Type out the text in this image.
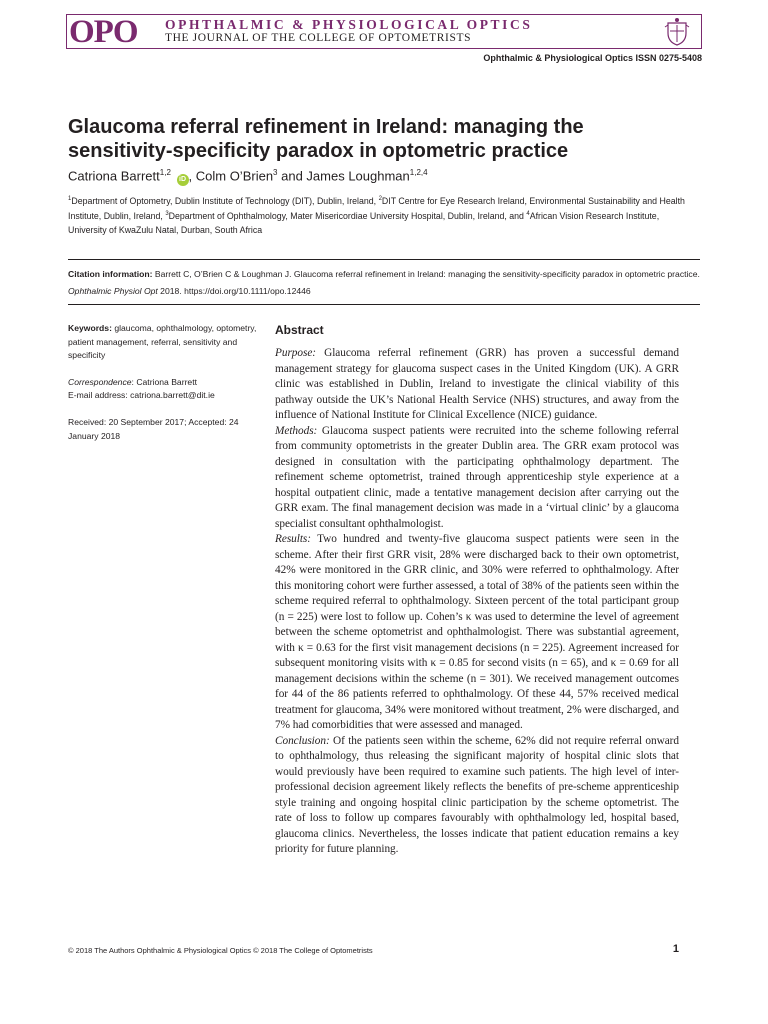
OPO OPHTHALMIC & PHYSIOLOGICAL OPTICS
THE JOURNAL OF THE COLLEGE OF OPTOMETRISTS
Ophthalmic & Physiological Optics ISSN 0275-5408
Glaucoma referral refinement in Ireland: managing the sensitivity-specificity paradox in optometric practice
Catriona Barrett$^{1,2}$ iD , Colm O’Brien$^3$ and James Loughman$^{1,2,4}$
$^1$Department of Optometry, Dublin Institute of Technology (DIT), Dublin, Ireland, $^2$DIT Centre for Eye Research Ireland, Environmental Sustainability and Health Institute, Dublin, Ireland, $^3$Department of Ophthalmology, Mater Misericordiae University Hospital, Dublin, Ireland, and $^4$African Vision Research Institute, University of KwaZulu Natal, Durban, South Africa
Citation information: Barrett C, O’Brien C & Loughman J. Glaucoma referral refinement in Ireland: managing the sensitivity-specificity paradox in optometric practice. Ophthalmic Physiol Opt 2018. https://doi.org/10.1111/opo.12446

Keywords: glaucoma, ophthalmology, optometry, patient management, referral, sensitivity and specificity

Correspondence: Catriona Barrett

E-mail address: catriona.barrett@dit.ie

Received: 20 September 2017; Accepted: 24 January 2018

Abstract

Purpose: Glaucoma referral refinement (GRR) has proven a successful demand management strategy for glaucoma suspect cases in the United Kingdom (UK). A GRR clinic was established in Dublin, Ireland to investigate the clinical viability of this pathway outside the UK’s National Health Service (NHS) structures, and away from the influence of National Institute for Clinical Excellence (NICE) guidance.

Methods: Glaucoma suspect patients were recruited into the scheme following referral from community optometrists in the greater Dublin area. The GRR exam protocol was designed in consultation with the participating ophthalmology department. The refinement scheme optometrist, trained through apprenticeship style experience at a hospital outpatient clinic, made a tentative management decision after carrying out the GRR exam. The final management decision was made in a ‘virtual clinic’ by a glaucoma specialist consultant ophthalmologist.

Results: Two hundred and twenty-five glaucoma suspect patients were seen in the scheme. After their first GRR visit, 28% were discharged back to their own optometrist, 42% were monitored in the GRR clinic, and 30% were referred to ophthalmology. After this monitoring cohort were further assessed, a total of 38% of the patients seen within the scheme required referral to ophthalmology. Sixteen percent of the total participant group (n = 225) were lost to follow up. Cohen’s κ was used to determine the level of agreement between the scheme optometrist and ophthalmologist. There was substantial agreement, with κ = 0.63 for the first visit management decisions (n = 225). Agreement increased for subsequent monitoring visits with κ = 0.85 for second visits (n = 65), and κ = 0.69 for all management decisions within the scheme (n = 301). We received management outcomes for 44 of the 86 patients referred to ophthalmology. Of these 44, 57% received medical treatment for glaucoma, 34% were monitored without treatment, 2% were discharged, and 7% had comorbidities that were assessed and managed.

Conclusion: Of the patients seen within the scheme, 62% did not require referral onward to ophthalmology, thus releasing the significant majority of hospital clinic slots that would previously have been required to examine such patients. The high level of inter-professional decision agreement likely reflects the benefits of pre-scheme apprenticeship style training and ongoing hospital clinic participation by the scheme optometrist. The rate of loss to follow up compares favourably with ophthalmology led, hospital based, glaucoma clinics. Nevertheless, the losses indicate that patient education remains a key priority for future planning.

© 2018 The Authors Ophthalmic & Physiological Optics © 2018 The College of Optometrists	1
